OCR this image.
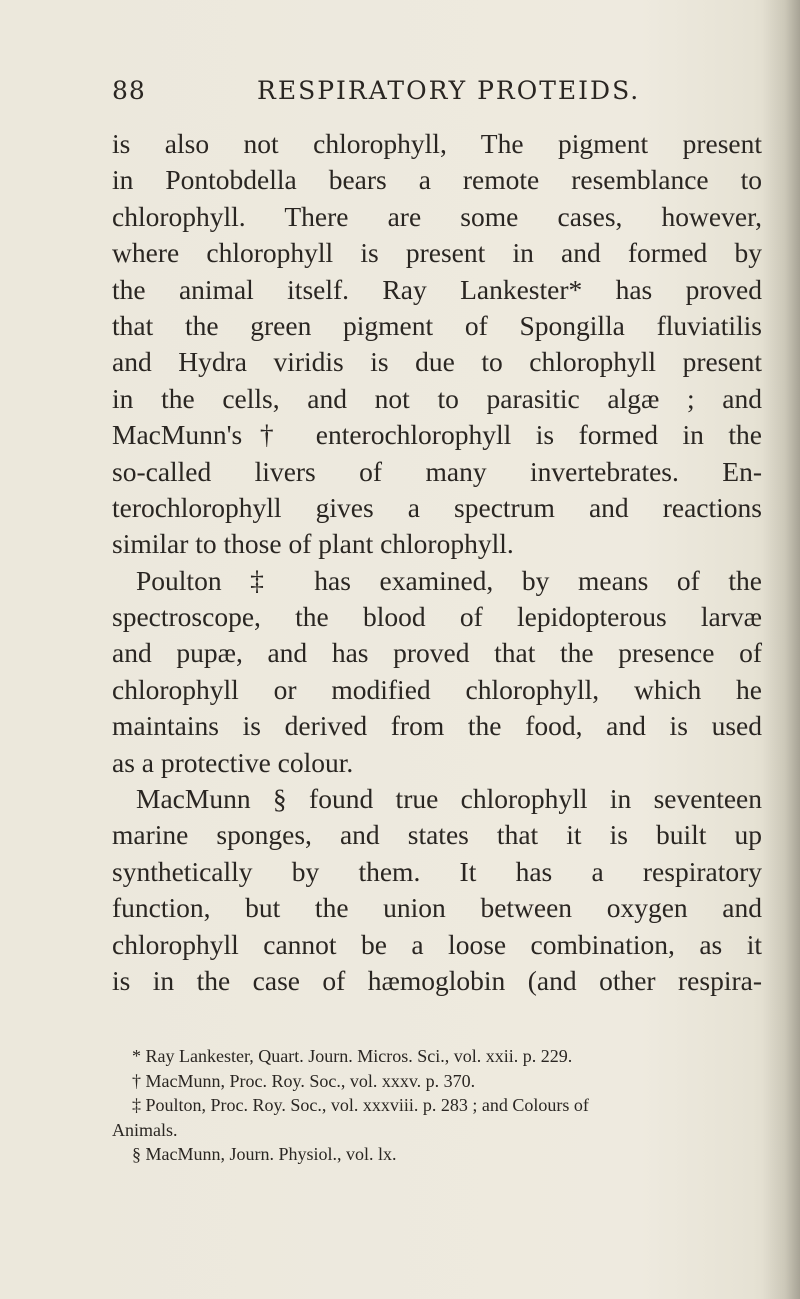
88	RESPIRATORY PROTEIDS.
is also not chlorophyll, The pigment present
in Pontobdella bears a remote resemblance to
chlorophyll. There are some cases, however,
where chlorophyll is present in and formed by
the animal itself. Ray Lankester* has proved
that the green pigment of Spongilla fluviatilis
and Hydra viridis is due to chlorophyll present
in the cells, and not to parasitic algæ ; and
MacMunn's† enterochlorophyll is formed in the
so-called livers of many invertebrates. En-
terochlorophyll gives a spectrum and reactions
similar to those of plant chlorophyll.
Poulton ‡ has examined, by means of the
spectroscope, the blood of lepidopterous larvæ
and pupæ, and has proved that the presence of
chlorophyll or modified chlorophyll, which he
maintains is derived from the food, and is used
as a protective colour.
MacMunn § found true chlorophyll in seventeen
marine sponges, and states that it is built up
synthetically by them. It has a respiratory
function, but the union between oxygen and
chlorophyll cannot be a loose combination, as it
is in the case of hæmoglobin (and other respira-
* Ray Lankester, Quart. Journ. Micros. Sci., vol. xxii. p. 229.
† MacMunn, Proc. Roy. Soc., vol. xxxv. p. 370.
‡ Poulton, Proc. Roy. Soc., vol. xxxviii. p. 283 ; and Colours of
Animals.
§ MacMunn, Journ. Physiol., vol. lx.
